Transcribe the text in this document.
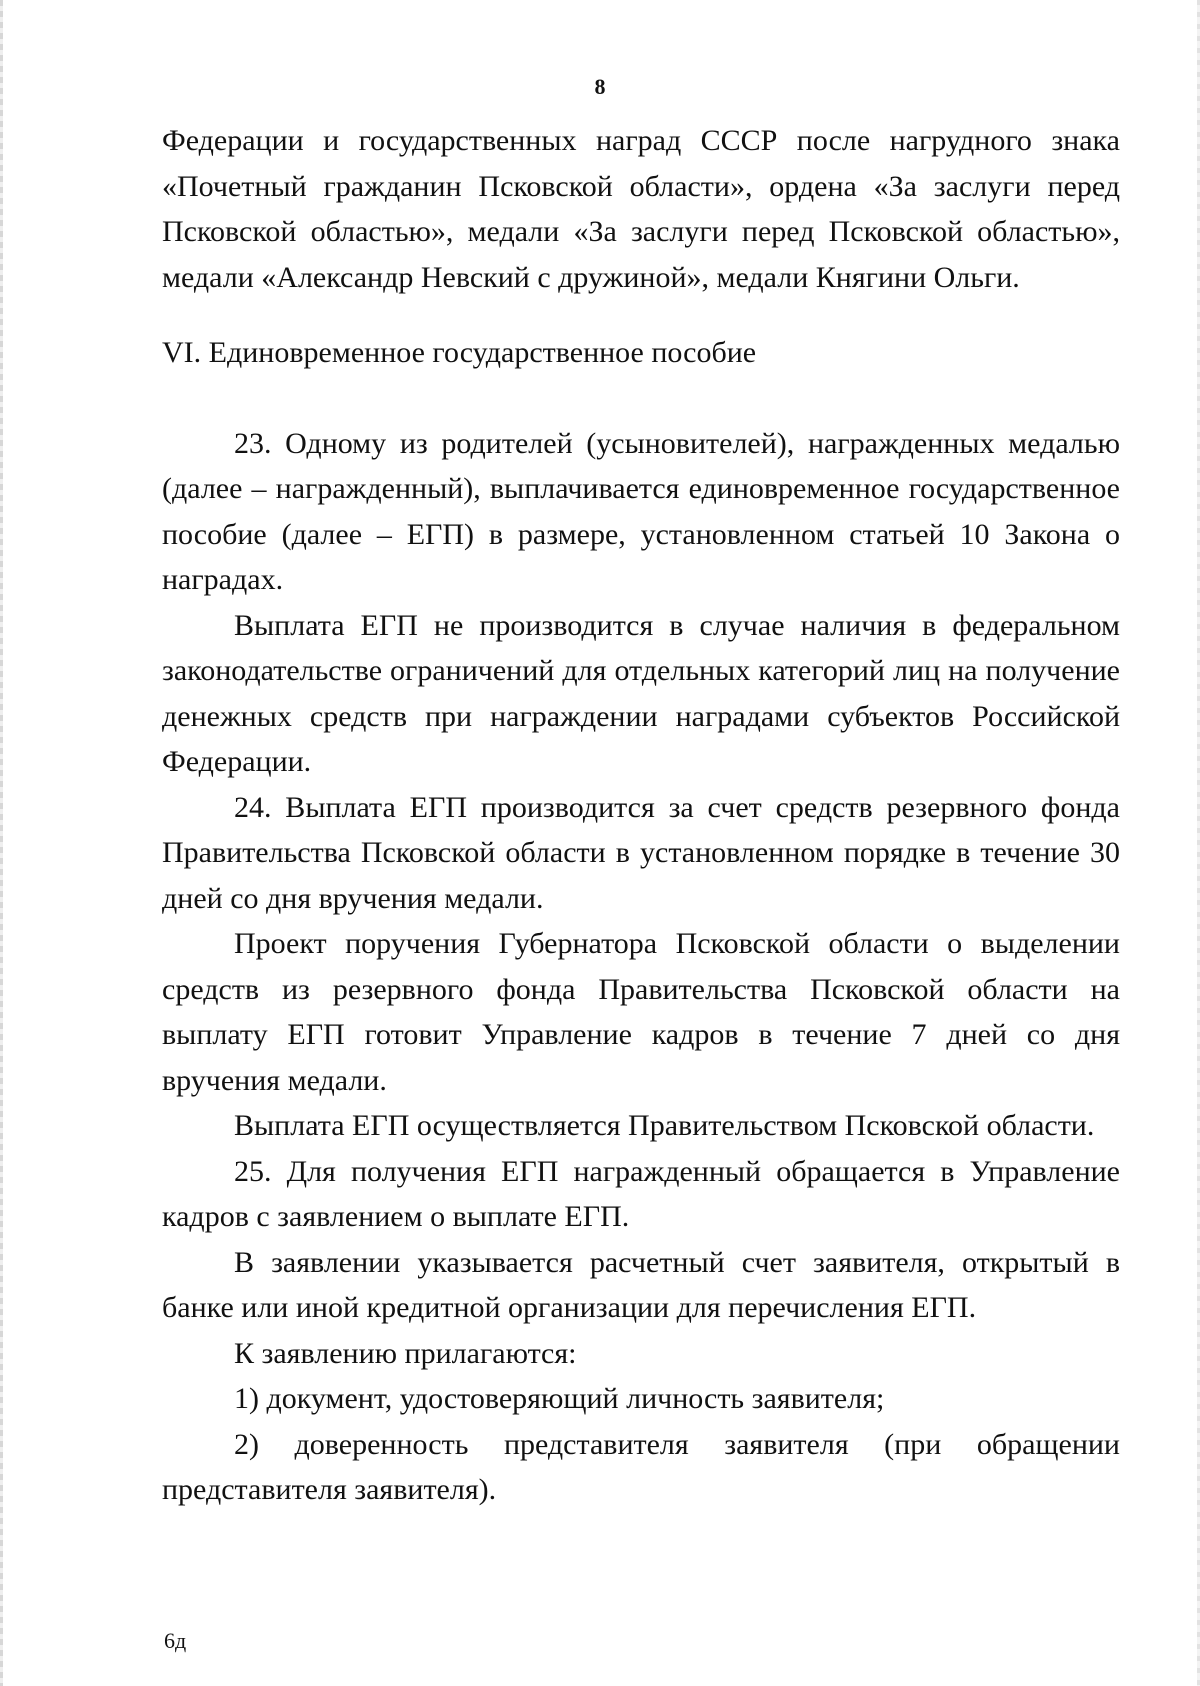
8

Федерации и государственных наград СССР после нагрудного знака «Почетный гражданин Псковской области», ордена «За заслуги перед Псковской областью», медали «За заслуги перед Псковской областью», медали «Александр Невский с дружиной», медали Княгини Ольги.

VI. Единовременное государственное пособие

23. Одному из родителей (усыновителей), награжденных медалью (далее – награжденный), выплачивается единовременное государственное пособие (далее – ЕГП) в размере, установленном статьей 10 Закона о наградах.

Выплата ЕГП не производится в случае наличия в федеральном законодательстве ограничений для отдельных категорий лиц на получение денежных средств при награждении наградами субъектов Российской Федерации.

24. Выплата ЕГП производится за счет средств резервного фонда Правительства Псковской области в установленном порядке в течение 30 дней со дня вручения медали.

Проект поручения Губернатора Псковской области о выделении средств из резервного фонда Правительства Псковской области на выплату ЕГП готовит Управление кадров в течение 7 дней со дня вручения медали.

Выплата ЕГП осуществляется Правительством Псковской области.

25. Для получения ЕГП награжденный обращается в Управление кадров с заявлением о выплате ЕГП.

В заявлении указывается расчетный счет заявителя, открытый в банке или иной кредитной организации для перечисления ЕГП.

К заявлению прилагаются:

1) документ, удостоверяющий личность заявителя;

2) доверенность представителя заявителя (при обращении представителя заявителя).

6д
